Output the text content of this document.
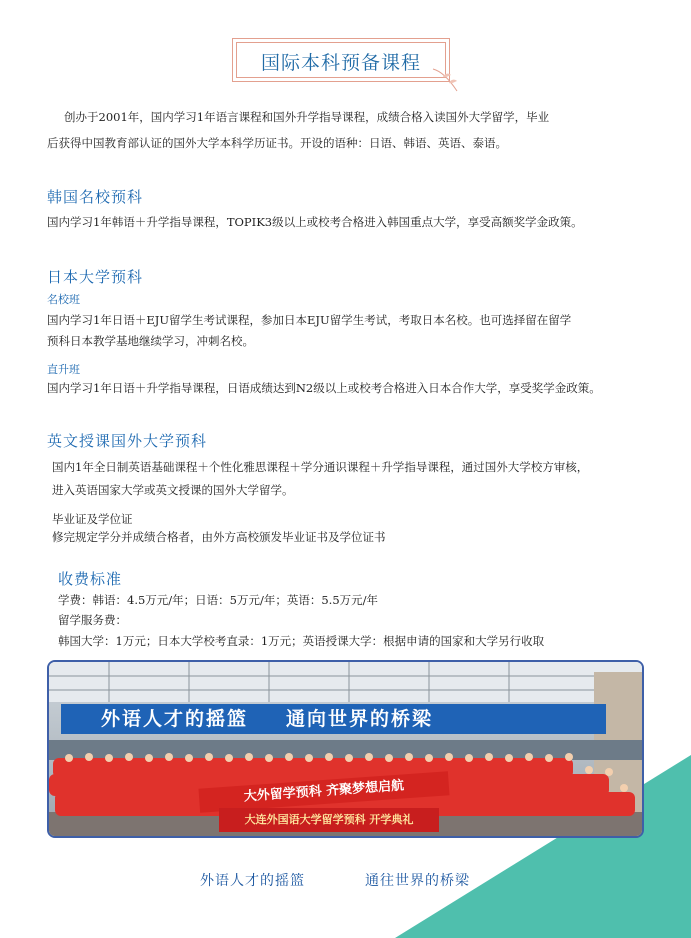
国际本科预备课程
创办于2001年，国内学习1年语言课程和国外升学指导课程，成绩合格入读国外大学留学，毕业
后获得中国教育部认证的国外大学本科学历证书。开设的语种：日语、韩语、英语、泰语。
韩国名校预科
国内学习1年韩语＋升学指导课程，TOPIK3级以上或校考合格进入韩国重点大学，享受高额奖学金政策。
日本大学预科
名校班
国内学习1年日语＋EJU留学生考试课程，参加日本EJU留学生考试，考取日本名校。也可选择留在留学
预科日本教学基地继续学习，冲刺名校。
直升班
国内学习1年日语＋升学指导课程，日语成绩达到N2级以上或校考合格进入日本合作大学，享受奖学金政策。
英文授课国外大学预科
国内1年全日制英语基础课程＋个性化雅思课程＋学分通识课程＋升学指导课程，通过国外大学校方审核，
进入英语国家大学或英文授课的国外大学留学。
毕业证及学位证
修完规定学分并成绩合格者，由外方高校颁发毕业证书及学位证书
收费标准
学费：韩语：4.5万元/年；日语：5万元/年；英语：5.5万元/年
留学服务费：
韩国大学：1万元；日本大学校考直录：1万元；英语授课大学：根据申请的国家和大学另行收取
外语人才的摇篮 通向世界的桥梁
大外留学预科 齐聚梦想启航
大连外国语大学留学预科 开学典礼
外语人才的摇篮	通往世界的桥梁
